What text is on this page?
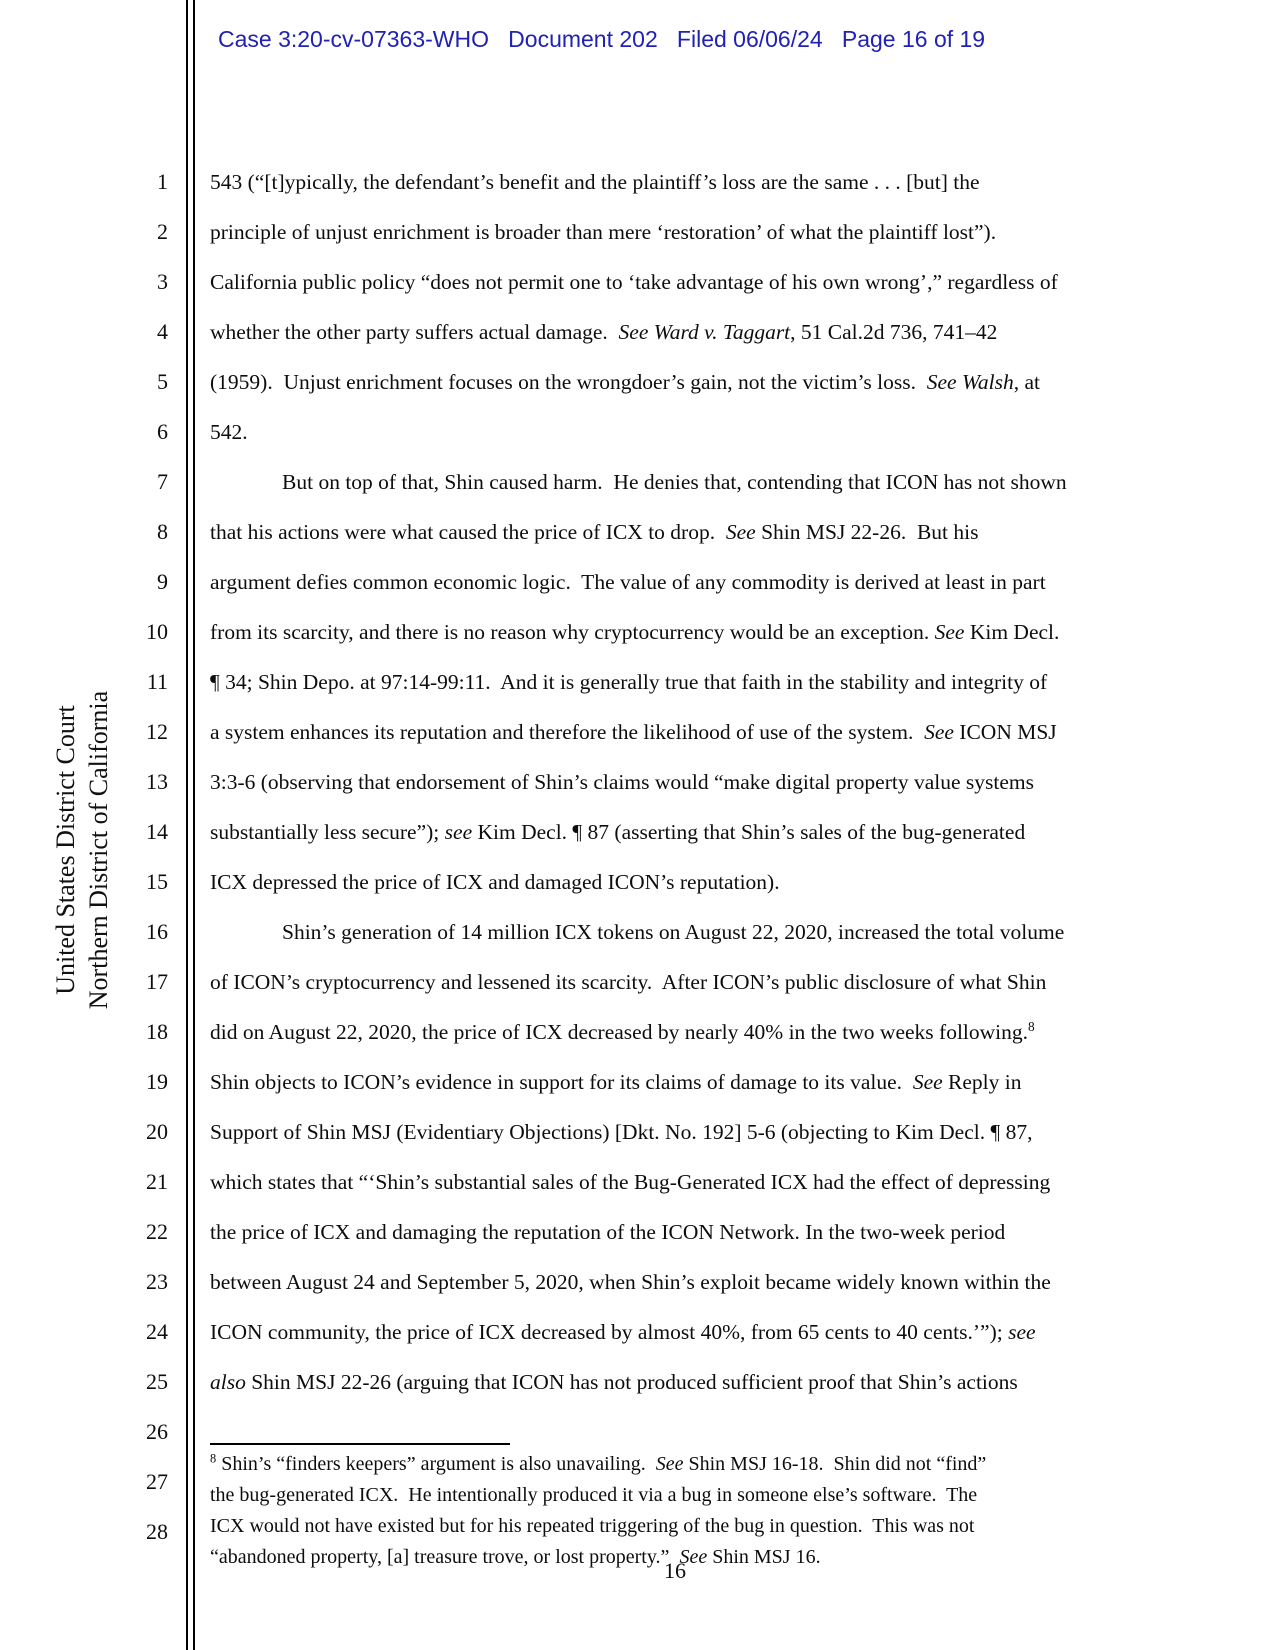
Case 3:20-cv-07363-WHO   Document 202   Filed 06/06/24   Page 16 of 19
United States District Court Northern District of California
1
2
3
4
5
6
7
8
9
10
11
12
13
14
15
16
17
18
19
20
21
22
23
24
25
26
27
28
543 (“[t]ypically, the defendant’s benefit and the plaintiff’s loss are the same . . . [but] the
principle of unjust enrichment is broader than mere ‘restoration’ of what the plaintiff lost”).
California public policy “does not permit one to ‘take advantage of his own wrong’,” regardless of
whether the other party suffers actual damage.  See Ward v. Taggart, 51 Cal.2d 736, 741–42
(1959).  Unjust enrichment focuses on the wrongdoer’s gain, not the victim’s loss.  See Walsh, at
542.
But on top of that, Shin caused harm.  He denies that, contending that ICON has not shown
that his actions were what caused the price of ICX to drop.  See Shin MSJ 22-26.  But his
argument defies common economic logic.  The value of any commodity is derived at least in part
from its scarcity, and there is no reason why cryptocurrency would be an exception. See Kim Decl.
¶ 34; Shin Depo. at 97:14-99:11.  And it is generally true that faith in the stability and integrity of
a system enhances its reputation and therefore the likelihood of use of the system.  See ICON MSJ
3:3-6 (observing that endorsement of Shin’s claims would “make digital property value systems
substantially less secure”); see Kim Decl. ¶ 87 (asserting that Shin’s sales of the bug-generated
ICX depressed the price of ICX and damaged ICON’s reputation).
Shin’s generation of 14 million ICX tokens on August 22, 2020, increased the total volume
of ICON’s cryptocurrency and lessened its scarcity.  After ICON’s public disclosure of what Shin
did on August 22, 2020, the price of ICX decreased by nearly 40% in the two weeks following.$^8$
Shin objects to ICON’s evidence in support for its claims of damage to its value.  See Reply in
Support of Shin MSJ (Evidentiary Objections) [Dkt. No. 192] 5-6 (objecting to Kim Decl. ¶ 87,
which states that “‘Shin’s substantial sales of the Bug-Generated ICX had the effect of depressing
the price of ICX and damaging the reputation of the ICON Network. In the two-week period
between August 24 and September 5, 2020, when Shin’s exploit became widely known within the
ICON community, the price of ICX decreased by almost 40%, from 65 cents to 40 cents.’”); see
also Shin MSJ 22-26 (arguing that ICON has not produced sufficient proof that Shin’s actions
$^8$ Shin’s “finders keepers” argument is also unavailing.  See Shin MSJ 16-18.  Shin did not “find”
the bug-generated ICX.  He intentionally produced it via a bug in someone else’s software.  The
ICX would not have existed but for his repeated triggering of the bug in question.  This was not
“abandoned property, [a] treasure trove, or lost property.”  See Shin MSJ 16.
16
